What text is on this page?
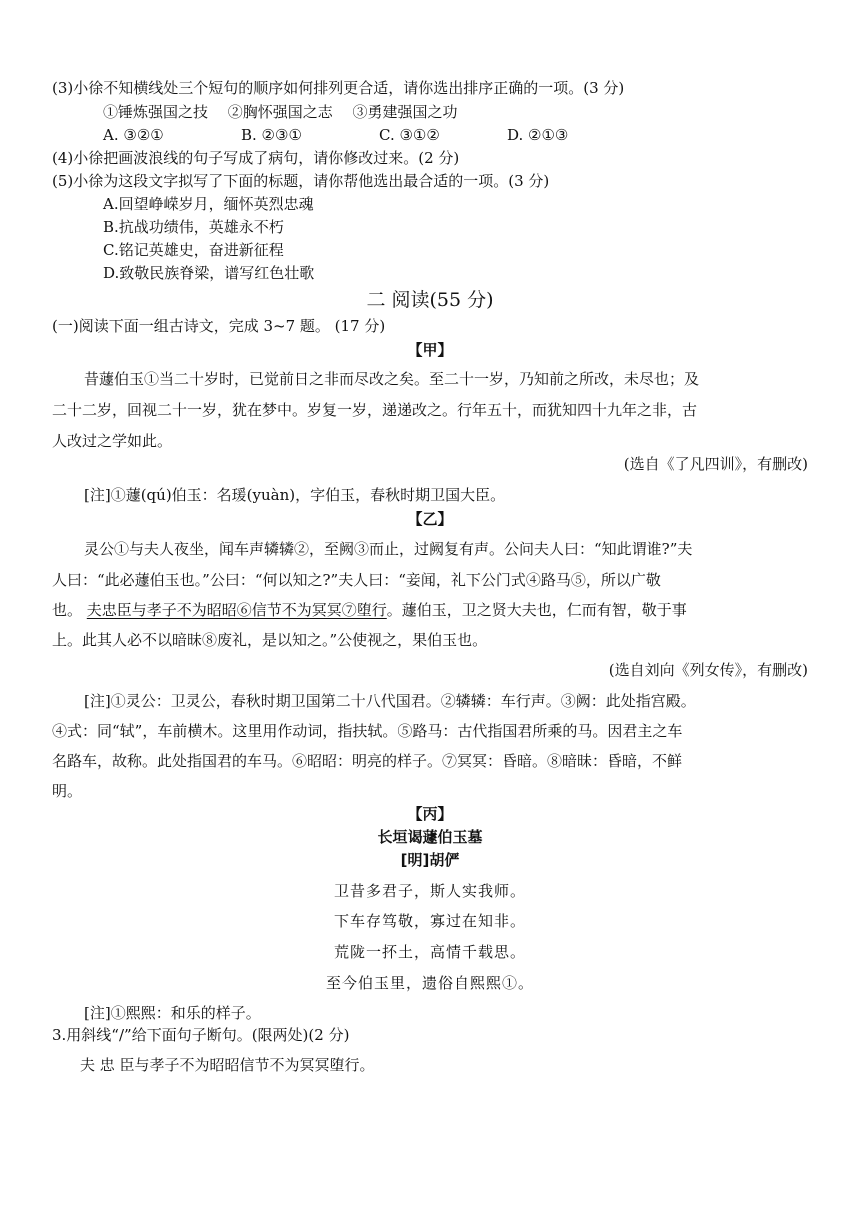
(3)小徐不知横线处三个短句的顺序如何排列更合适，请你选出排序正确的一项。(3 分)
①锤炼强国之技　 ②胸怀强国之志　 ③勇建强国之功
A. ③②①	B. ②③①	C. ③①②	D. ②①③
(4)小徐把画波浪线的句子写成了病句，请你修改过来。(2 分)
(5)小徐为这段文字拟写了下面的标题，请你帮他选出最合适的一项。(3 分)
A.回望峥嵘岁月，缅怀英烈忠魂
B.抗战功绩伟，英雄永不朽
C.铭记英雄史，奋进新征程
D.致敬民族脊梁，谱写红色壮歌
二 阅读(55 分)
(一)阅读下面一组古诗文，完成 3~7 题。 (17 分)
【甲】
昔蘧伯玉①当二十岁时，已觉前日之非而尽改之矣。至二十一岁，乃知前之所改，未尽也；及
二十二岁，回视二十一岁，犹在梦中。岁复一岁，递递改之。行年五十，而犹知四十九年之非，古
人改过之学如此。
(选自《了凡四训》，有删改)
[注]①蘧(qú)伯玉：名瑗(yuàn)，字伯玉，春秋时期卫国大臣。
【乙】
灵公①与夫人夜坐，闻车声辚辚②，至阙③而止，过阙复有声。公问夫人曰：“知此谓谁?”夫
人曰：“此必蘧伯玉也。”公曰：“何以知之?”夫人曰：“妾闻，礼下公门式④路马⑤，所以广敬
也。 夫忠臣与孝子不为昭昭⑥信节不为冥冥⑦堕行。蘧伯玉，卫之贤大夫也，仁而有智，敬于事
上。此其人必不以暗昧⑧废礼，是以知之。”公使视之，果伯玉也。
(选自刘向《列女传》，有删改)
[注]①灵公：卫灵公，春秋时期卫国第二十八代国君。②辚辚：车行声。③阙：此处指宫殿。
④式：同“轼”，车前横木。这里用作动词，指扶轼。⑤路马：古代指国君所乘的马。因君主之车
名路车，故称。此处指国君的车马。⑥昭昭：明亮的样子。⑦冥冥：昏暗。⑧暗昧：昏暗，不鲜
明。
【丙】
长垣谒蘧伯玉墓
[明]胡俨
卫昔多君子，斯人实我师。
下车存笃敬，寡过在知非。
荒陇一抔土，高情千载思。
至今伯玉里，遗俗自熙熙①。
[注]①熙熙：和乐的样子。
3.用斜线“/”给下面句子断句。(限两处)(2 分)
夫 忠 臣与孝子不为昭昭信节不为冥冥堕行。
